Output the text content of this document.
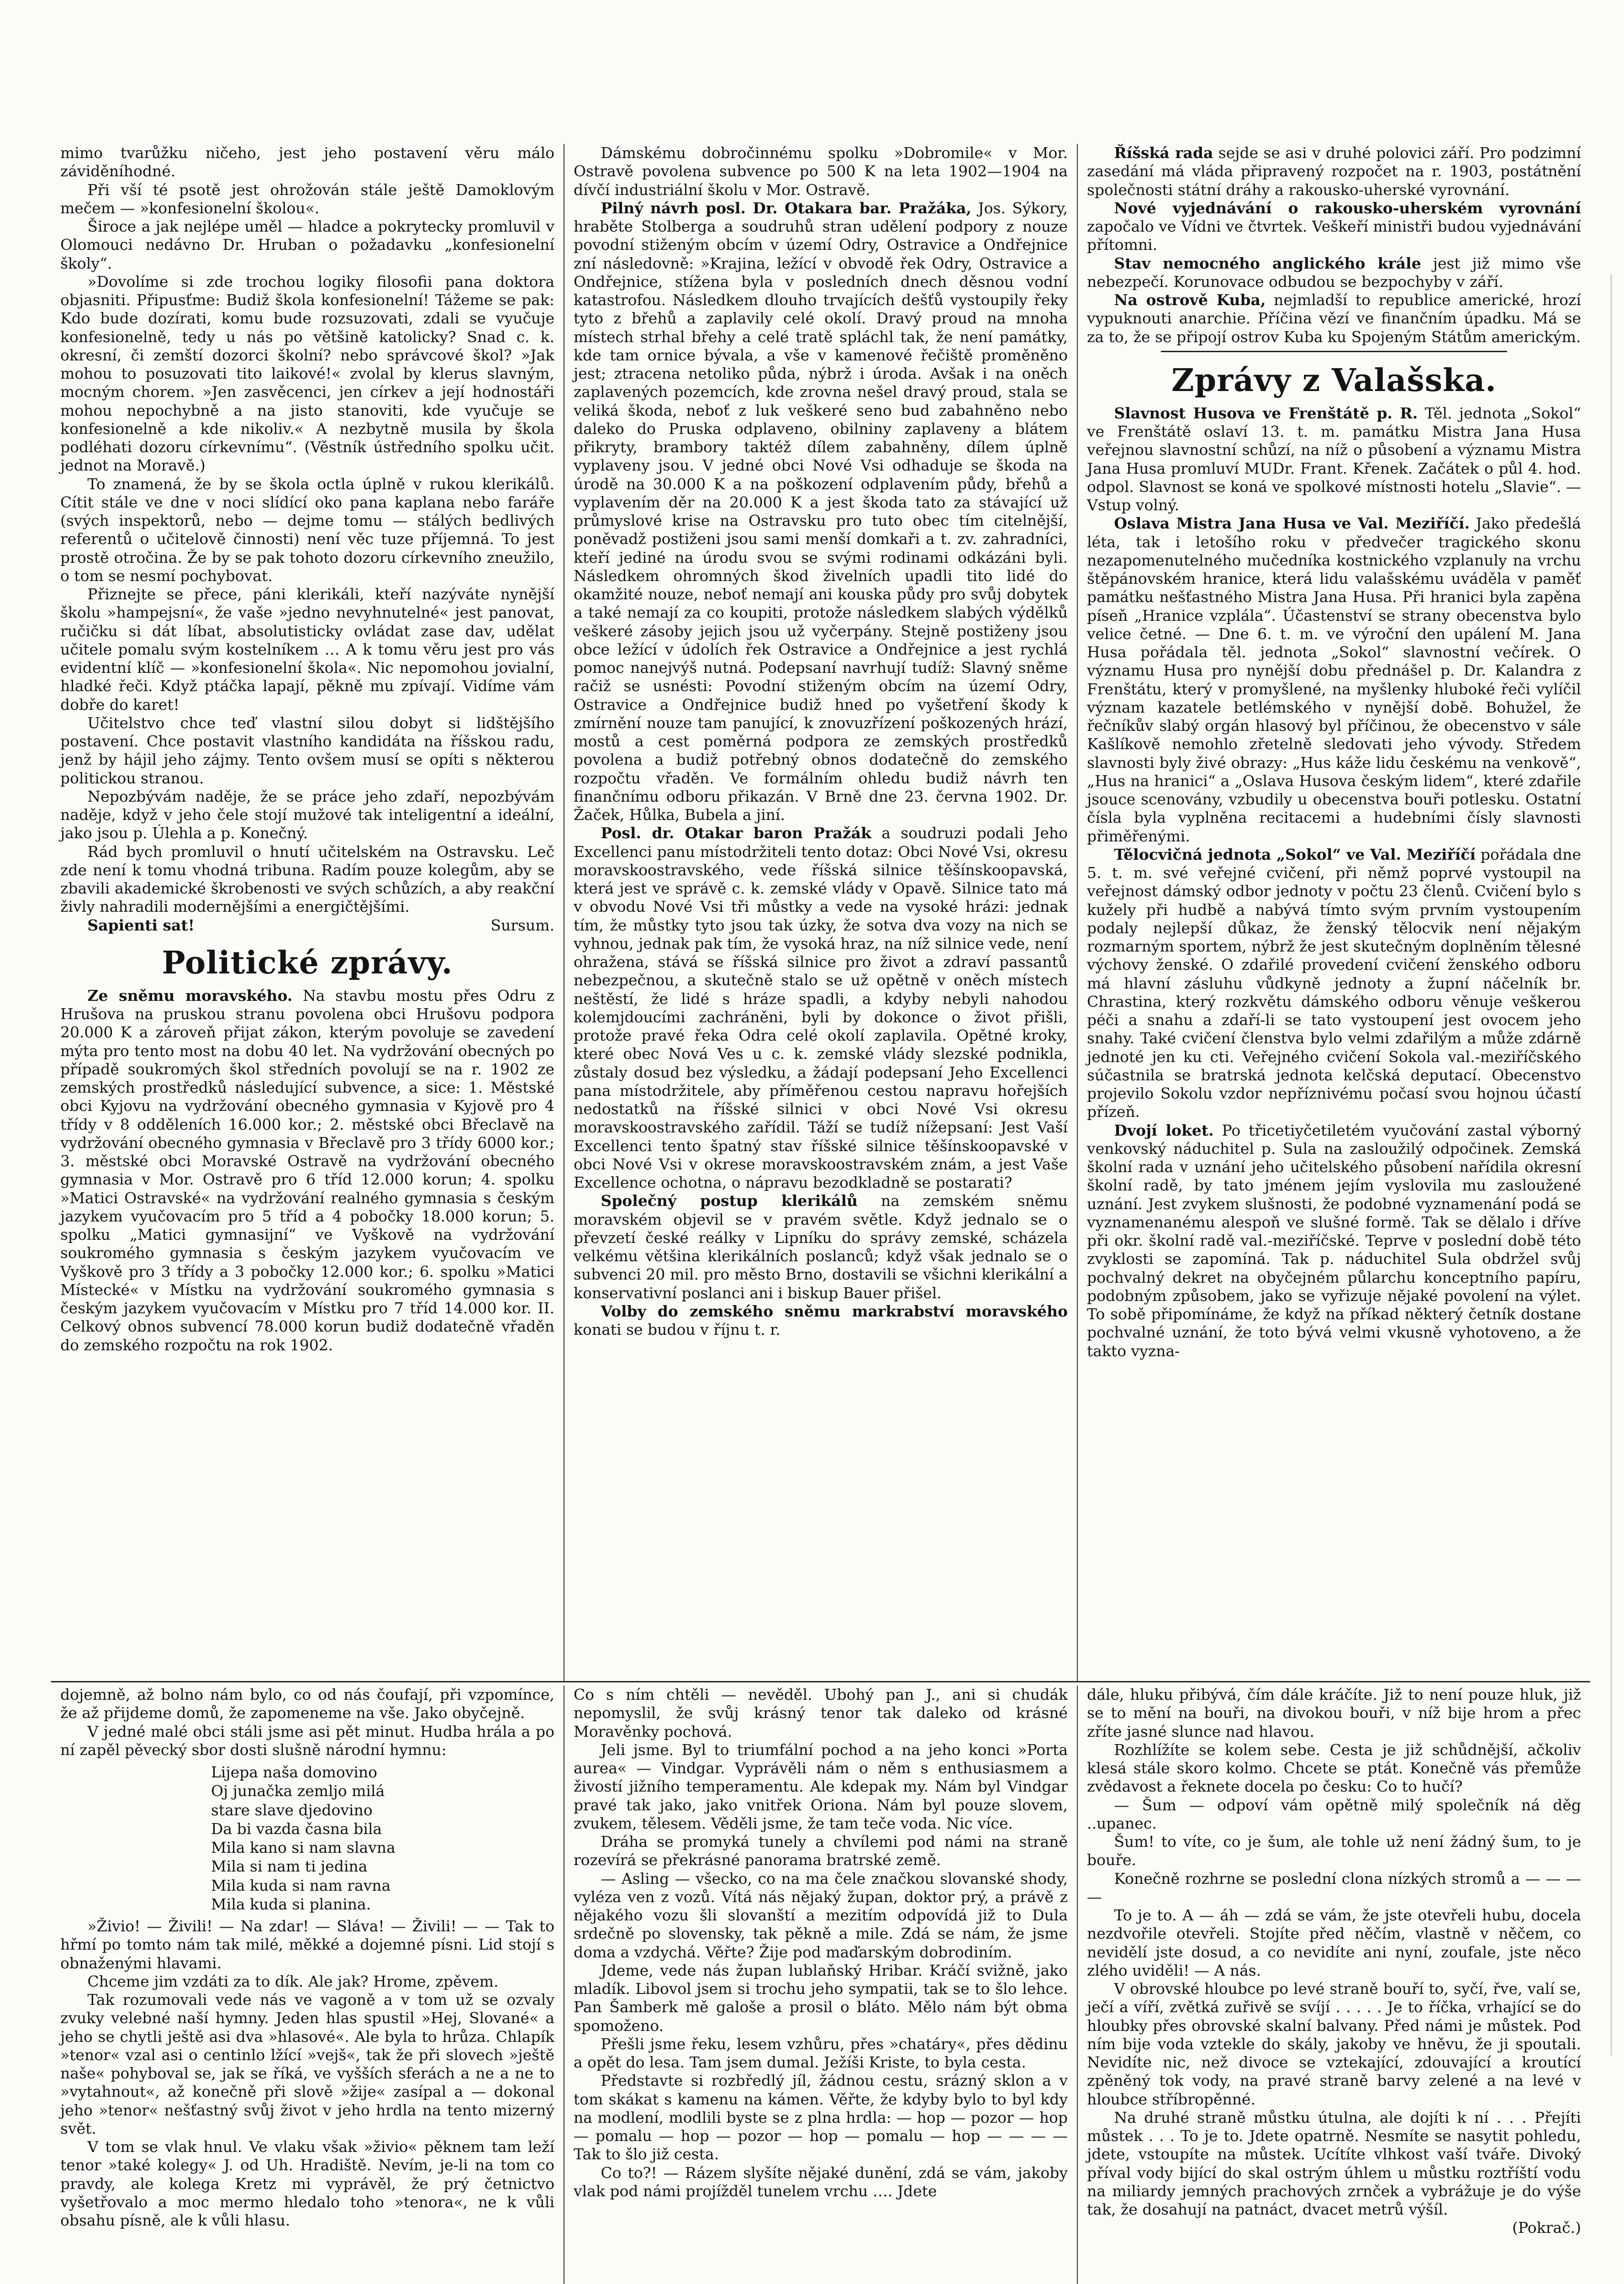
mimo tvarůžku ničeho, jest jeho postavení věru málo záviděníhodné.

Při vší té psotě jest ohrožován stále ještě Damoklovým mečem — »konfesionelní školou«.

Široce a jak nejlépe uměl — hladce a pokrytecky promluvil v Olomouci nedávno Dr. Hruban o požadavku „konfesionelní školy“.

»Dovolíme si zde trochou logiky filosofii pana doktora objasniti. Připusťme: Budiž škola konfesionelní! Tážeme se pak: Kdo bude dozírati, komu bude rozsuzovati, zdali se vyučuje konfesionelně, tedy u nás po většině katolicky? Snad c. k. okresní, či zemští dozorci školní? nebo správcové škol? »Jak mohou to posuzovati tito laikové!« zvolal by klerus slavným, mocným chorem. »Jen zasvěcenci, jen církev a její hodnostáři mohou nepochybně a na jisto stanoviti, kde vyučuje se konfesionelně a kde nikoliv.« A nezbytně musila by škola podléhati dozoru církevnímu“. (Věstník ústředního spolku učit. jednot na Moravě.)

To znamená, že by se škola octla úplně v rukou klerikálů. Cítit stále ve dne v noci slídící oko pana kaplana nebo faráře (svých inspektorů, nebo — dejme tomu — stálých bedlivých referentů o učitelově činnosti) není věc tuze příjemná. To jest prostě otročina. Že by se pak tohoto dozoru církevního zneužilo, o tom se nesmí pochybovat.

Přiznejte se přece, páni klerikáli, kteří nazýváte nynější školu »hampejsní«, že vaše »jedno nevyhnutelné« jest panovat, ručičku si dát líbat, absolutisticky ovládat zase dav, udělat učitele pomalu svým kostelníkem … A k tomu věru jest pro vás evidentní klíč — »konfesionelní škola«. Nic nepomohou jovialní, hladké řeči. Když ptáčka lapají, pěkně mu zpívají. Vidíme vám dobře do karet!

Učitelstvo chce teď vlastní silou dobyt si lidštějšího postavení. Chce postavit vlastního kandidáta na říšskou radu, jenž by hájil jeho zájmy. Tento ovšem musí se opíti s některou politickou stranou.

Nepozbývám naděje, že se práce jeho zdaří, nepozbývám naděje, když v jeho čele stojí mužové tak inteligentní a ideální, jako jsou p. Úlehla a p. Konečný.

Rád bych promluvil o hnutí učitelském na Ostravsku. Leč zde není k tomu vhodná tribuna. Radím pouze kolegům, aby se zbavili akademické škrobenosti ve svých schůzích, a aby reakční živly nahradili modernějšími a energičtějšími.

Sapienti sat!	Sursum.

Politické zprávy.

Ze sněmu moravského. Na stavbu mostu přes Odru z Hrušova na pruskou stranu povolena obci Hrušovu podpora 20.000 K a zároveň přijat zákon, kterým povoluje se zavedení mýta pro tento most na dobu 40 let. Na vydržování obecných po případě soukromých škol středních povolují se na r. 1902 ze zemských prostředků následující subvence, a sice: 1. Městské obci Kyjovu na vydržování obecného gymnasia v Kyjově pro 4 třídy v 8 odděleních 16.000 kor.; 2. městské obci Břeclavě na vydržování obecného gymnasia v Břeclavě pro 3 třídy 6000 kor.; 3. městské obci Moravské Ostravě na vydržování obecného gymnasia v Mor. Ostravě pro 6 tříd 12.000 korun; 4. spolku »Matici Ostravské« na vydržování realného gymnasia s českým jazykem vyučovacím pro 5 tříd a 4 pobočky 18.000 korun; 5. spolku „Matici gymnasijní“ ve Vyškově na vydržování soukromého gymnasia s českým jazykem vyučovacím ve Vyškově pro 3 třídy a 3 pobočky 12.000 kor.; 6. spolku »Matici Místecké« v Místku na vydržování soukromého gymnasia s českým jazykem vyučovacím v Místku pro 7 tříd 14.000 kor. II. Celkový obnos subvencí 78.000 korun budiž dodatečně vřaděn do zemského rozpočtu na rok 1902.

Dámskému dobročinnému spolku »Dobromile« v Mor. Ostravě povolena subvence po 500 K na leta 1902—1904 na dívčí industriální školu v Mor. Ostravě.

Pilný návrh posl. Dr. Otakara bar. Pražáka, Jos. Sýkory, hraběte Stolberga a soudruhů stran udělení podpory z nouze povodní stiženým obcím v území Odry, Ostravice a Ondřejnice zní následovně: »Krajina, ležící v obvodě řek Odry, Ostravice a Ondřejnice, stížena byla v posledních dnech děsnou vodní katastrofou. Následkem dlouho trvajících dešťů vystoupily řeky tyto z břehů a zaplavily celé okolí. Dravý proud na mnoha místech strhal břehy a celé tratě spláchl tak, že není památky, kde tam ornice bývala, a vše v kamenové řečiště proměněno jest; ztracena netoliko půda, nýbrž i úroda. Avšak i na oněch zaplavených pozemcích, kde zrovna nešel dravý proud, stala se veliká škoda, neboť z luk veškeré seno bud zabahněno nebo daleko do Pruska odplaveno, obilniny zaplaveny a blátem přikryty, brambory taktéž dílem zabahněny, dílem úplně vyplaveny jsou. V jedné obci Nové Vsi odhaduje se škoda na úrodě na 30.000 K a na poškození odplavením půdy, břehů a vyplavením děr na 20.000 K a jest škoda tato za stávající už průmyslové krise na Ostravsku pro tuto obec tím citelnější, poněvadž postiženi jsou sami menší domkaři a t. zv. zahradníci, kteří jediné na úrodu svou se svými rodinami odkázáni byli. Následkem ohromných škod živelních upadli tito lidé do okamžité nouze, neboť nemají ani kouska půdy pro svůj dobytek a také nemají za co koupiti, protože následkem slabých výdělků veškeré zásoby jejich jsou už vyčerpány. Stejně postiženy jsou obce ležící v údolích řek Ostravice a Ondřejnice a jest rychlá pomoc nanejvýš nutná. Podepsaní navrhují tudíž: Slavný sněme račiž se usnésti: Povodní stiženým obcím na území Odry, Ostravice a Ondřejnice budiž hned po vyšetření škody k zmírnění nouze tam panující, k znovuzřízení poškozených hrází, mostů a cest poměrná podpora ze zemských prostředků povolena a budiž potřebný obnos dodatečně do zemského rozpočtu vřaděn. Ve formálním ohledu budiž návrh ten finančnímu odboru přikazán. V Brně dne 23. června 1902. Dr. Žaček, Hůlka, Bubela a jiní.

Posl. dr. Otakar baron Pražák a soudruzi podali Jeho Excellenci panu místodržiteli tento dotaz: Obci Nové Vsi, okresu moravskoostravského, vede říšská silnice těšínskoopavská, která jest ve správě c. k. zemské vlády v Opavě. Silnice tato má v obvodu Nové Vsi tři můstky a vede na vysoké hrázi: jednak tím, že můstky tyto jsou tak úzky, že sotva dva vozy na nich se vyhnou, jednak pak tím, že vysoká hraz, na níž silnice vede, není ohražena, stává se říšská silnice pro život a zdraví passantů nebezpečnou, a skutečně stalo se už opětně v oněch místech neštěstí, že lidé s hráze spadli, a kdyby nebyli nahodou kolemjdoucími zachráněni, byli by dokonce o život přišli, protože pravé řeka Odra celé okolí zaplavila. Opětné kroky, které obec Nová Ves u c. k. zemské vlády slezské podnikla, zůstaly dosud bez výsledku, a žádají podepsaní Jeho Excellenci pana místodržitele, aby příměřenou cestou napravu hořejších nedostatků na říšské silnici v obci Nové Vsi okresu moravskoostravského zařídil. Táží se tudíž nížepsaní: Jest Vaší Excellenci tento špatný stav říšské silnice těšínskoopavské v obci Nové Vsi v okrese moravskoostravském znám, a jest Vaše Excellence ochotna, o nápravu bezodkladně se postarati?

Společný postup klerikálů na zemském sněmu moravském objevil se v pravém světle. Když jednalo se o převzetí české reálky v Lipníku do správy zemské, scházela velkému většina klerikálních poslanců; když však jednalo se o subvenci 20 mil. pro město Brno, dostavili se všichni klerikální a konservativní poslanci ani i biskup Bauer přišel.

Volby do zemského sněmu markrabství moravského konati se budou v říjnu t. r.

Říšská rada sejde se asi v druhé polovici září. Pro podzimní zasedání má vláda připravený rozpočet na r. 1903, postátnění společnosti státní dráhy a rakousko-uherské vyrovnání.

Nové vyjednávání o rakousko-uherském vyrovnání započalo ve Vídni ve čtvrtek. Veškeří ministři budou vyjednávání přítomni.

Stav nemocného anglického krále jest již mimo vše nebezpečí. Korunovace odbudou se bezpochyby v září.

Na ostrově Kuba, nejmladší to republice americké, hrozí vypuknouti anarchie. Příčina vězí ve finančním úpadku. Má se za to, že se připojí ostrov Kuba ku Spojeným Státům americkým.

Zprávy z Valašska.

Slavnost Husova ve Frenštátě p. R. Těl. jednota „Sokol“ ve Frenštátě oslaví 13. t. m. památku Mistra Jana Husa veřejnou slavnostní schůzí, na níž o působení a významu Mistra Jana Husa promluví MUDr. Frant. Křenek. Začátek o půl 4. hod. odpol. Slavnost se koná ve spolkové místnosti hotelu „Slavie“. — Vstup volný.

Oslava Mistra Jana Husa ve Val. Meziříčí. Jako předešlá léta, tak i letošího roku v předvečer tragického skonu nezapomenutelného mučedníka kostnického vzplanuly na vrchu štěpánovském hranice, která lidu valašskému uváděla v paměť památku nešťastného Mistra Jana Husa. Při hranici byla zapěna píseň „Hranice vzplála“. Účastenství se strany obecenstva bylo velice četné. — Dne 6. t. m. ve výroční den upálení M. Jana Husa pořádala těl. jednota „Sokol“ slavnostní večírek. O významu Husa pro nynější dobu přednášel p. Dr. Kalandra z Frenštátu, který v promyšlené, na myšlenky hluboké řeči vylíčil význam kazatele betlémského v nynější době. Bohužel, že řečníkův slabý orgán hlasový byl příčinou, že obecenstvo v sále Kašlíkově nemohlo zřetelně sledovati jeho vývody. Středem slavnosti byly živé obrazy: „Hus káže lidu českému na venkově“, „Hus na hranici“ a „Oslava Husova českým lidem“, které zdařile jsouce scenovány, vzbudily u obecenstva bouři potlesku. Ostatní čísla byla vyplněna recitacemi a hudebními čísly slavnosti přiměřenými.

Tělocvičná jednota „Sokol“ ve Val. Meziříčí pořádala dne 5. t. m. své veřejné cvičení, při němž poprvé vystoupil na veřejnost dámský odbor jednoty v počtu 23 členů. Cvičení bylo s kužely při hudbě a nabývá tímto svým prvním vystoupením podaly nejlepší důkaz, že ženský tělocvik není nějakým rozmarným sportem, nýbrž že jest skutečným doplněním tělesné výchovy ženské. O zdařilé provedení cvičení ženského odboru má hlavní zásluhu vůdkyně jednoty a župní náčelník br. Chrastina, který rozkvětu dámského odboru věnuje veškerou péči a snahu a zdaří-li se tato vystoupení jest ovocem jeho snahy. Také cvičení členstva bylo velmi zdařilým a může zdárně jednoté jen ku cti. Veřejného cvičení Sokola val.-meziříčského súčastnila se bratrská jednota kelčská deputací. Obecenstvo projevilo Sokolu vzdor nepříznivému počasí svou hojnou účastí přízeň.

Dvojí loket. Po třicetiyčetiletém vyučování zastal výborný venkovský náduchitel p. Sula na zasloužilý odpočinek. Zemská školní rada v uznání jeho učitelského působení nařídila okresní školní radě, by tato jménem jejím vyslovila mu zasloužené uznání. Jest zvykem slušnosti, že podobné vyznamenání podá se vyznamenanému alespoň ve slušné formě. Tak se dělalo i dříve při okr. školní radě val.-meziříčské. Teprve v poslední době této zvyklosti se zapomíná. Tak p. náduchitel Sula obdržel svůj pochvalný dekret na obyčejném půlarchu konceptního papíru, podobným způsobem, jako se vyřizuje nějaké povolení na výlet. To sobě připomínáme, že když na příkad některý četník dostane pochvalné uznání, že toto bývá velmi vkusně vyhotoveno, a že takto vyzna-

dojemně, až bolno nám bylo, co od nás čoufají, při vzpomínce, že až přijdeme domů, že zapomeneme na vše. Jako obyčejně.

V jedné malé obci stáli jsme asi pět minut. Hudba hrála a po ní zapěl pěvecký sbor dosti slušně národní hymnu:

Lijepa naša domovino
Oj junačka zemljo milá
stare slave djedovino
Da bi vazda časna bila
Mila kano si nam slavna
Mila si nam ti jedina
Mila kuda si nam ravna
Mila kuda si planina.

»Živio! — Živili! — Na zdar! — Sláva! — Živili! — — Tak to hřmí po tomto nám tak milé, měkké a dojemné písni. Lid stojí s obnaženými hlavami.

Chceme jim vzdáti za to dík. Ale jak? Hrome, zpěvem.

Tak rozumovali vede nás ve vagoně a v tom už se ozvaly zvuky velebné naší hymny. Jeden hlas spustil »Hej, Slované« a jeho se chytli ještě asi dva »hlasové«. Ale byla to hrůza. Chlapík »tenor« vzal asi o centinlo lžící »vejš«, tak že při slovech »ještě naše« pohyboval se, jak se říká, ve vyšších sferách a ne a ne to »vytahnout«, až konečně při slově »žije« zasípal a — dokonal jeho »tenor« nešťastný svůj život v jeho hrdla na tento mizerný svět.

V tom se vlak hnul. Ve vlaku však »živio« pěknem tam leží tenor »také kolegy« J. od Uh. Hradiště. Nevím, je-li na tom co pravdy, ale kolega Kretz mi vyprávěl, že prý četnictvo vyšetřovalo a moc mermo hledalo toho »tenora«, ne k vůli obsahu písně, ale k vůli hlasu.

Co s ním chtěli — nevěděl. Ubohý pan J., ani si chudák nepomyslil, že svůj krásný tenor tak daleko od krásné Moravěnky pochová.

Jeli jsme. Byl to triumfální pochod a na jeho konci »Porta aurea« — Vindgar. Vyprávěli nám o něm s enthusiasmem a živostí jižního temperamentu. Ale kdepak my. Nám byl Vindgar pravé tak jako, jako vnitřek Oriona. Nám byl pouze slovem, zvukem, tělesem. Věděli jsme, že tam teče voda. Nic více.

Dráha se promyká tunely a chvílemi pod námi na straně rozevírá se překrásné panorama bratrské země.

— Asling — všecko, co na ma čele značkou slovanské shody, vyléza ven z vozů. Vítá nás nějaký župan, doktor prý, a právě z nějakého vozu šli slovanští a mezitím odpovídá již to Dula srdečně po slovensky, tak pěkně a mile. Zdá se nám, že jsme doma a vzdychá. Věřte? Žije pod maďarským dobrodiním.

Jdeme, vede nás župan lublaňský Hribar. Kráčí svižně, jako mladík. Libovol jsem si trochu jeho sympatii, tak se to šlo lehce. Pan Šamberk mě galoše a prosil o bláto. Mělo nám být obma spomoženo.

Přešli jsme řeku, lesem vzhůru, přes »chatáry«, přes dědinu a opět do lesa. Tam jsem dumal. Ježíši Kriste, to byla cesta.

Představte si rozbředlý jíl, žádnou cestu, srázný sklon a v tom skákat s kamenu na kámen. Věřte, že kdyby bylo to byl kdy na modlení, modlili byste se z plna hrdla: — hop — pozor — hop — pomalu — hop — pozor — hop — pomalu — hop — — — — Tak to šlo již cesta.

Co to?! — Rázem slyšíte nějaké dunění, zdá se vám, jakoby vlak pod námi projížděl tunelem vrchu …. Jdete

dále, hluku přibývá, čím dále kráčíte. Již to není pouze hluk, již se to mění na bouři, na divokou bouři, v níž bije hrom a přec zříte jasné slunce nad hlavou.

Rozhlížíte se kolem sebe. Cesta je již schůdnější, ačkoliv klesá stále skoro kolmo. Chcete se ptát. Konečně vás přemůže zvědavost a řeknete docela po česku: Co to hučí?

— Šum — odpoví vám opětně milý společník ná děg ..upanec.

Šum! to víte, co je šum, ale tohle už není žádný šum, to je bouře.

Konečně rozhrne se poslední clona nízkých stromů a — — — —

To je to. A — áh — zdá se vám, že jste otevřeli hubu, docela nezdvořile otevřeli. Stojíte před něčím, vlastně v něčem, co nevidělí jste dosud, a co nevidíte ani nyní, zoufale, jste něco zlého uviděli! — A nás.

V obrovské hloubce po levé straně bouří to, syčí, řve, valí se, ječí a víří, zvětká zuřivě se svíjí . . . . . Je to říčka, vrhající se do hloubky přes obrovské skalní balvany. Před námi je můstek. Pod ním bije voda vztekle do skály, jakoby ve hněvu, že ji spoutali. Nevidíte nic, než divoce se vztekající, zdouvající a kroutící zpěněný tok vody, na pravé straně barvy zelené a na levé v hloubce stříbropěnné.

Na druhé straně můstku útulna, ale dojíti k ní . . . Přejíti můstek . . . To je to. Jdete opatrně. Nesmíte se nasytit pohledu, jdete, vstoupíte na můstek. Ucítíte vlhkost vaší tváře. Divoký příval vody bijící do skal ostrým úhlem u můstku roztříští vodu na miliardy jemných prachových zrnček a vybrážuje je do výše tak, že dosahují na patnáct, dvacet metrů výšíl.

(Pokrač.)
